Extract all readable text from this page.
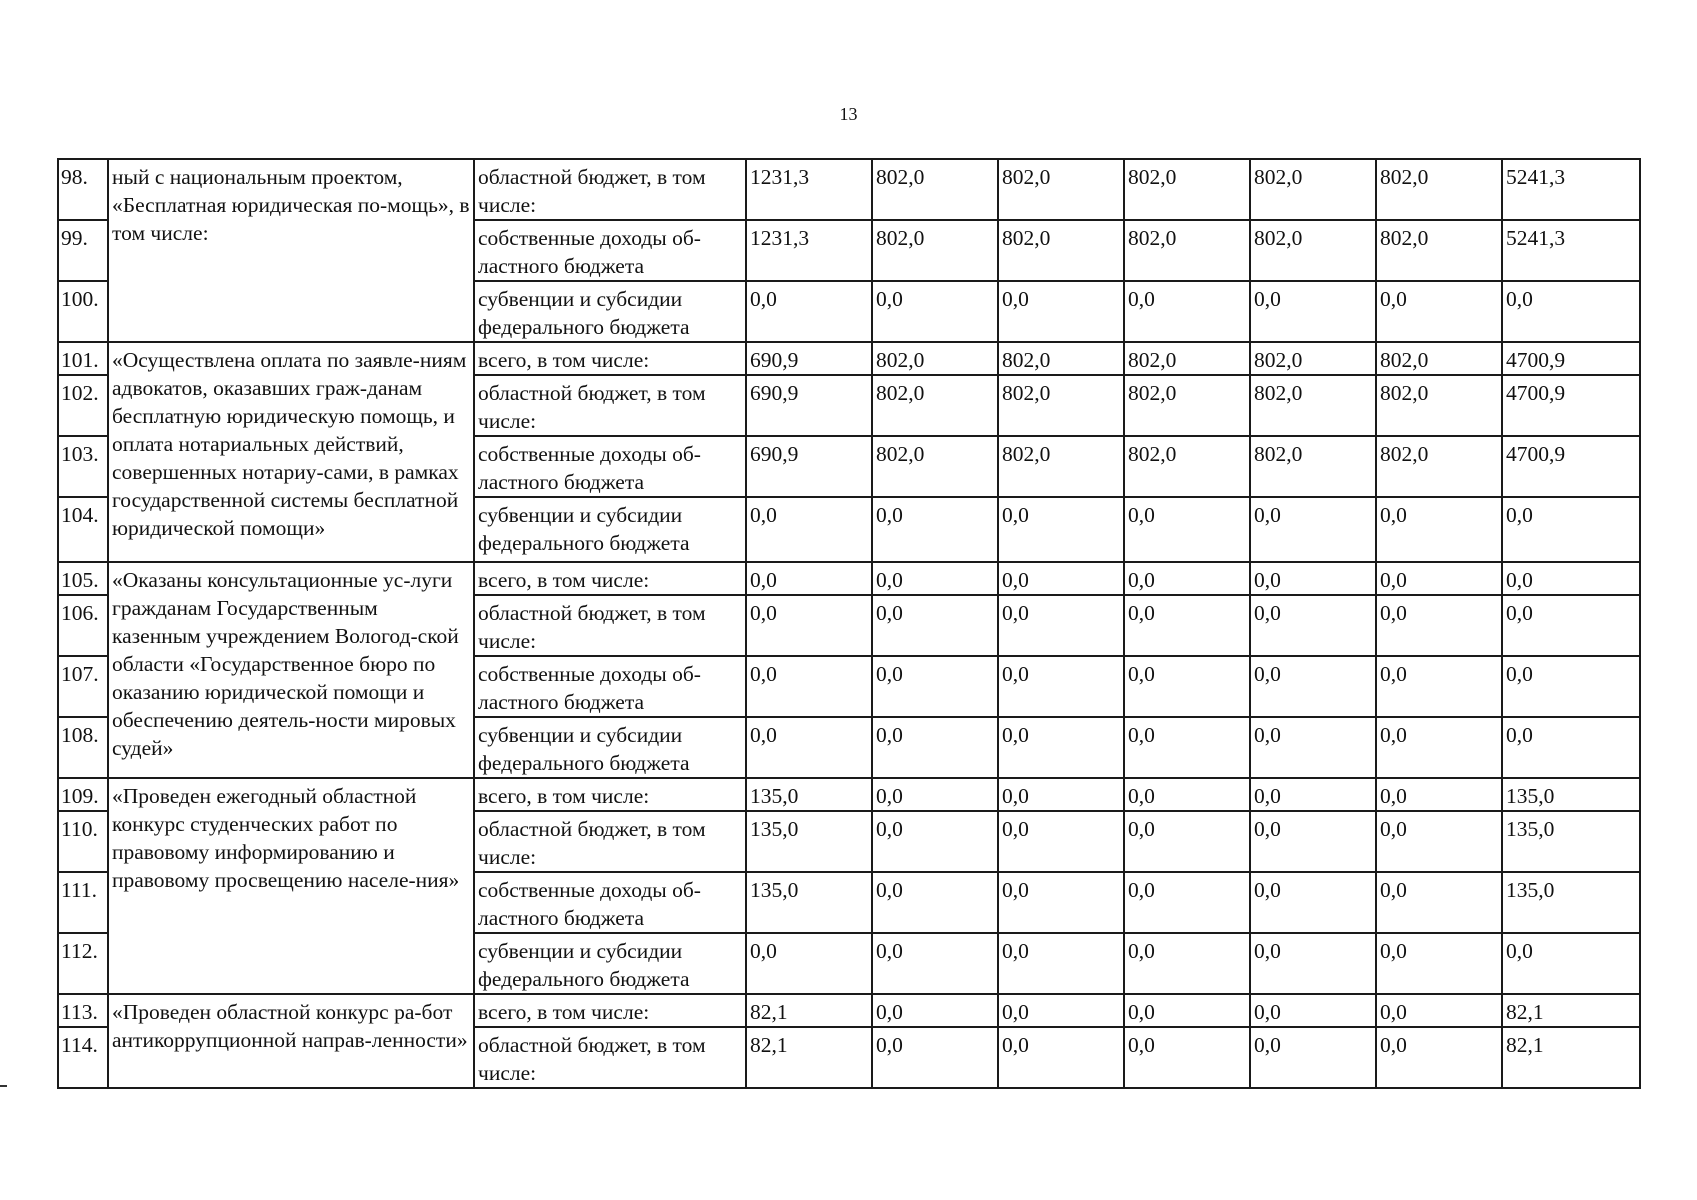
13
98.	ный с национальным проектом, «Бесплатная юридическая по-мощь», в том числе:	областной бюджет, в том числе:	1231,3	802,0	802,0	802,0	802,0	802,0	5241,3
99.		собственные доходы об-ластного бюджета	1231,3	802,0	802,0	802,0	802,0	802,0	5241,3
100.		субвенции и субсидии федерального бюджета	0,0	0,0	0,0	0,0	0,0	0,0	0,0
101.	«Осуществлена оплата по заявле-ниям адвокатов, оказавших граж-данам бесплатную юридическую помощь, и оплата нотариальных действий, совершенных нотариу-сами, в рамках государственной системы бесплатной юридической помощи»	всего, в том числе:	690,9	802,0	802,0	802,0	802,0	802,0	4700,9
102.		областной бюджет, в том числе:	690,9	802,0	802,0	802,0	802,0	802,0	4700,9
103.		собственные доходы об-ластного бюджета	690,9	802,0	802,0	802,0	802,0	802,0	4700,9
104.		субвенции и субсидии федерального бюджета	0,0	0,0	0,0	0,0	0,0	0,0	0,0
105.	«Оказаны консультационные ус-луги гражданам Государственным казенным учреждением Вологод-ской области «Государственное бюро по оказанию юридической помощи и обеспечению деятель-ности мировых судей»	всего, в том числе:	0,0	0,0	0,0	0,0	0,0	0,0	0,0
106.		областной бюджет, в том числе:	0,0	0,0	0,0	0,0	0,0	0,0	0,0
107.		собственные доходы об-ластного бюджета	0,0	0,0	0,0	0,0	0,0	0,0	0,0
108.		субвенции и субсидии федерального бюджета	0,0	0,0	0,0	0,0	0,0	0,0	0,0
109.	«Проведен ежегодный областной конкурс студенческих работ по правовому информированию и правовому просвещению населе-ния»	всего, в том числе:	135,0	0,0	0,0	0,0	0,0	0,0	135,0
110.		областной бюджет, в том числе:	135,0	0,0	0,0	0,0	0,0	0,0	135,0
111.		собственные доходы об-ластного бюджета	135,0	0,0	0,0	0,0	0,0	0,0	135,0
112.		субвенции и субсидии федерального бюджета	0,0	0,0	0,0	0,0	0,0	0,0	0,0
113.	«Проведен областной конкурс ра-бот антикоррупционной направ-ленности»	всего, в том числе:	82,1	0,0	0,0	0,0	0,0	0,0	82,1
114.		областной бюджет, в том числе:	82,1	0,0	0,0	0,0	0,0	0,0	82,1
